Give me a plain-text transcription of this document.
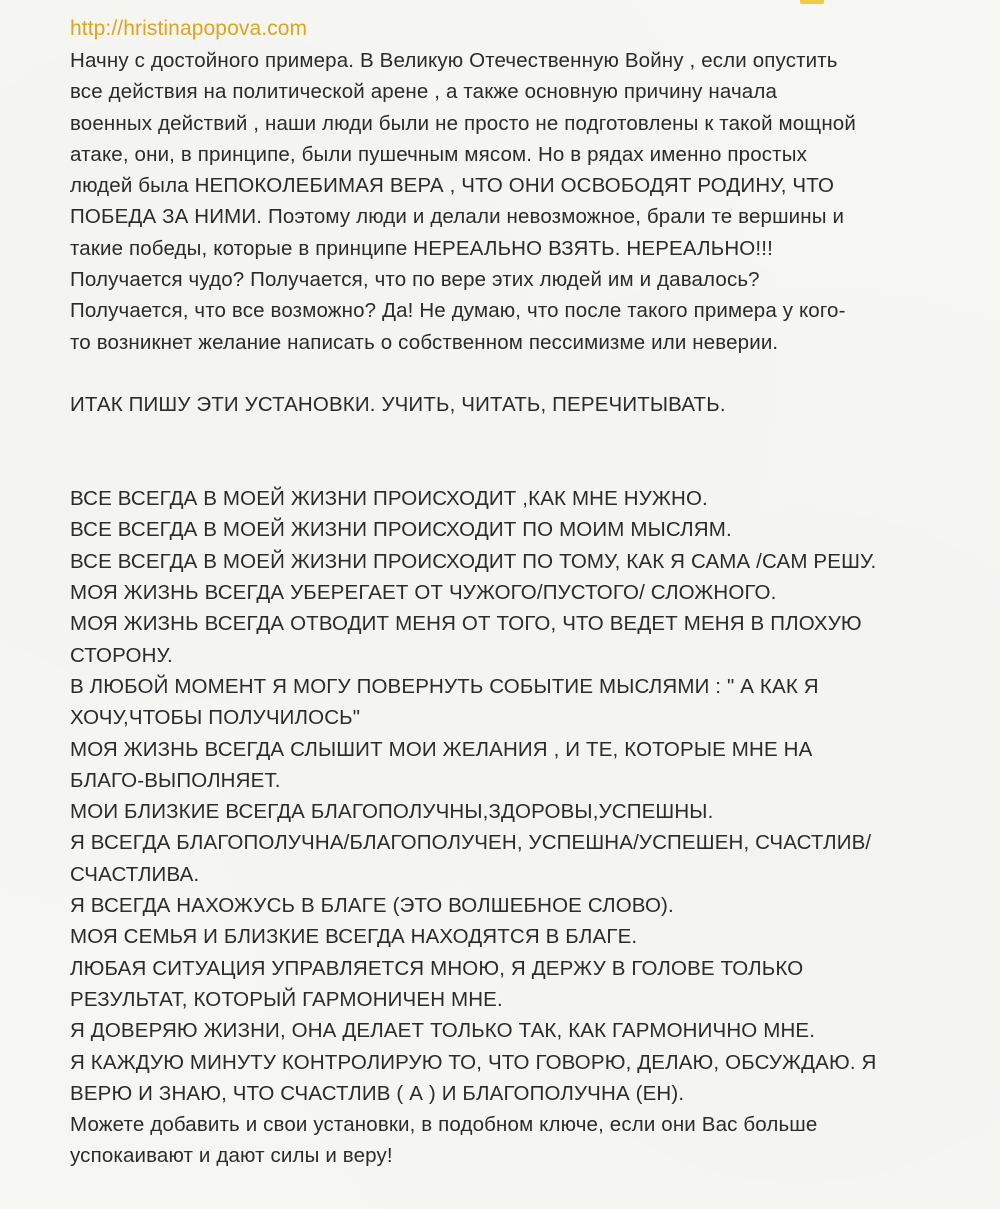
http://hristinapopova.com
Начну с достойного примера. В Великую Отечественную Войну , если опустить
все действия на политической арене , а также основную причину начала
военных действий , наши люди были не просто не подготовлены к такой мощной
атаке, они, в принципе, были пушечным мясом. Но в рядах именно простых
людей была НЕПОКОЛЕБИМАЯ ВЕРА , ЧТО ОНИ ОСВОБОДЯТ РОДИНУ, ЧТО
ПОБЕДА ЗА НИМИ. Поэтому люди и делали невозможное, брали те вершины и
такие победы, которые в принципе НЕРЕАЛЬНО ВЗЯТЬ. НЕРЕАЛЬНО!!!
Получается чудо? Получается, что по вере этих людей им и давалось?
Получается, что все возможно? Да! Не думаю, что после такого примера у кого-
то возникнет желание написать о собственном пессимизме или неверии.
ИТАК ПИШУ ЭТИ УСТАНОВКИ. УЧИТЬ, ЧИТАТЬ, ПЕРЕЧИТЫВАТЬ.
ВСЕ ВСЕГДА В МОЕЙ ЖИЗНИ ПРОИСХОДИТ ,КАК МНЕ НУЖНО.
ВСЕ ВСЕГДА В МОЕЙ ЖИЗНИ ПРОИСХОДИТ ПО МОИМ МЫСЛЯМ.
ВСЕ ВСЕГДА В МОЕЙ ЖИЗНИ ПРОИСХОДИТ ПО ТОМУ, КАК Я САМА /САМ РЕШУ.
МОЯ ЖИЗНЬ ВСЕГДА УБЕРЕГАЕТ ОТ ЧУЖОГО/ПУСТОГО/ СЛОЖНОГО.
МОЯ ЖИЗНЬ ВСЕГДА ОТВОДИТ МЕНЯ ОТ ТОГО, ЧТО ВЕДЕТ МЕНЯ В ПЛОХУЮ
СТОРОНУ.
В ЛЮБОЙ МОМЕНТ Я МОГУ ПОВЕРНУТЬ СОБЫТИЕ МЫСЛЯМИ : " А КАК Я
ХОЧУ,ЧТОБЫ ПОЛУЧИЛОСЬ"
МОЯ ЖИЗНЬ ВСЕГДА СЛЫШИТ МОИ ЖЕЛАНИЯ , И ТЕ, КОТОРЫЕ МНЕ НА
БЛАГО-ВЫПОЛНЯЕТ.
МОИ БЛИЗКИЕ ВСЕГДА БЛАГОПОЛУЧНЫ,ЗДОРОВЫ,УСПЕШНЫ.
Я ВСЕГДА БЛАГОПОЛУЧНА/БЛАГОПОЛУЧЕН, УСПЕШНА/УСПЕШЕН, СЧАСТЛИВ/
СЧАСТЛИВА.
Я ВСЕГДА НАХОЖУСЬ В БЛАГЕ (ЭТО ВОЛШЕБНОЕ СЛОВО).
МОЯ СЕМЬЯ И БЛИЗКИЕ ВСЕГДА НАХОДЯТСЯ В БЛАГЕ.
ЛЮБАЯ СИТУАЦИЯ УПРАВЛЯЕТСЯ МНОЮ, Я ДЕРЖУ В ГОЛОВЕ ТОЛЬКО
РЕЗУЛЬТАТ, КОТОРЫЙ ГАРМОНИЧЕН МНЕ.
Я ДОВЕРЯЮ ЖИЗНИ, ОНА ДЕЛАЕТ ТОЛЬКО ТАК, КАК ГАРМОНИЧНО МНЕ.
Я КАЖДУЮ МИНУТУ КОНТРОЛИРУЮ ТО, ЧТО ГОВОРЮ, ДЕЛАЮ, ОБСУЖДАЮ. Я
ВЕРЮ И ЗНАЮ, ЧТО СЧАСТЛИВ ( А ) И БЛАГОПОЛУЧНА (ЕН).
Можете добавить и свои установки, в подобном ключе, если они Вас больше
успокаивают и дают силы и веру!
